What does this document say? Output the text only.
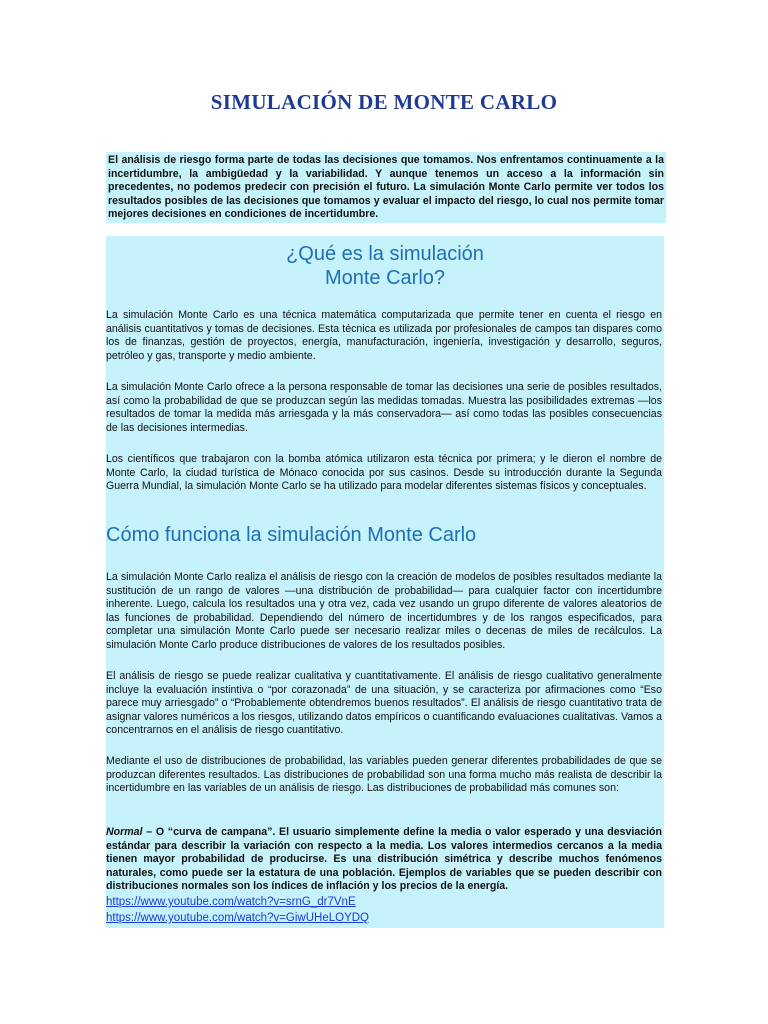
SIMULACIÓN DE MONTE CARLO
El análisis de riesgo forma parte de todas las decisiones que tomamos. Nos enfrentamos continuamente a la incertidumbre, la ambigüedad y la variabilidad. Y aunque tenemos un acceso a la información sin precedentes, no podemos predecir con precisión el futuro. La simulación Monte Carlo permite ver todos los resultados posibles de las decisiones que tomamos y evaluar el impacto del riesgo, lo cual nos permite tomar mejores decisiones en condiciones de incertidumbre.
¿Qué es la simulación
Monte Carlo?
La simulación Monte Carlo es una técnica matemática computarizada que permite tener en cuenta el riesgo en análisis cuantitativos y tomas de decisiones. Esta técnica es utilizada por profesionales de campos tan dispares como los de finanzas, gestión de proyectos, energía, manufacturación, ingeniería, investigación y desarrollo, seguros, petróleo y gas, transporte y medio ambiente.
La simulación Monte Carlo ofrece a la persona responsable de tomar las decisiones una serie de posibles resultados, así como la probabilidad de que se produzcan según las medidas tomadas. Muestra las posibilidades extremas —los resultados de tomar la medida más arriesgada y la más conservadora— así como todas las posibles consecuencias de las decisiones intermedias.
Los científicos que trabajaron con la bomba atómica utilizaron esta técnica por primera; y le dieron el nombre de Monte Carlo, la ciudad turística de Mónaco conocida por sus casinos. Desde su introducción durante la Segunda Guerra Mundial, la simulación Monte Carlo se ha utilizado para modelar diferentes sistemas físicos y conceptuales.
Cómo funciona la simulación Monte Carlo
La simulación Monte Carlo realiza el análisis de riesgo con la creación de modelos de posibles resultados mediante la sustitución de un rango de valores —una distribución de probabilidad— para cualquier factor con incertidumbre inherente. Luego, calcula los resultados una y otra vez, cada vez usando un grupo diferente de valores aleatorios de las funciones de probabilidad. Dependiendo del número de incertidumbres y de los rangos especificados, para completar una simulación Monte Carlo puede ser necesario realizar miles o decenas de miles de recálculos. La simulación Monte Carlo produce distribuciones de valores de los resultados posibles.
El análisis de riesgo se puede realizar cualitativa y cuantitativamente. El análisis de riesgo cualitativo generalmente incluye la evaluación instintiva o “por corazonada” de una situación, y se caracteriza por afirmaciones como “Eso parece muy arriesgado” o “Probablemente obtendremos buenos resultados”. El análisis de riesgo cuantitativo trata de asignar valores numéricos a los riesgos, utilizando datos empíricos o cuantificando evaluaciones cualitativas. Vamos a concentrarnos en el análisis de riesgo cuantitativo.
Mediante el uso de distribuciones de probabilidad, las variables pueden generar diferentes probabilidades de que se produzcan diferentes resultados. Las distribuciones de probabilidad son una forma mucho más realista de describir la incertidumbre en las variables de un análisis de riesgo. Las distribuciones de probabilidad más comunes son:
Normal – O “curva de campana”. El usuario simplemente define la media o valor esperado y una desviación estándar para describir la variación con respecto a la media. Los valores intermedios cercanos a la media tienen mayor probabilidad de producirse. Es una distribución simétrica y describe muchos fenómenos naturales, como puede ser la estatura de una población. Ejemplos de variables que se pueden describir con distribuciones normales son los índices de inflación y los precios de la energía.
https://www.youtube.com/watch?v=srnG_dr7VnE
https://www.youtube.com/watch?v=GiwUHeLOYDQ
